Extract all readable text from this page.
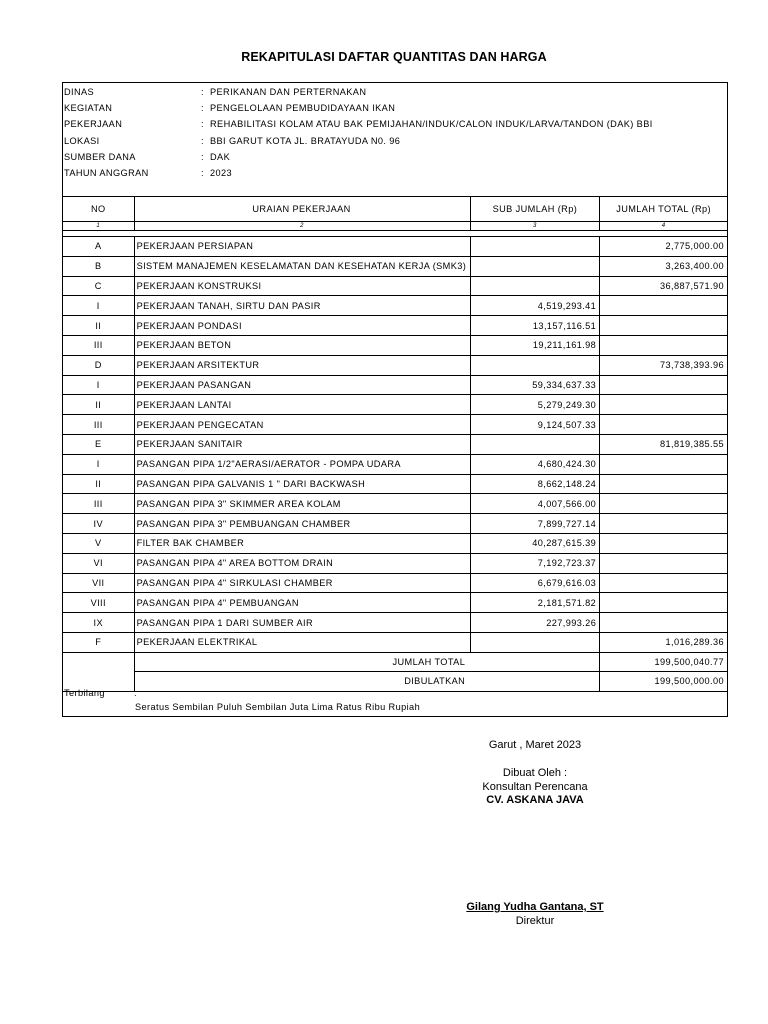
REKAPITULASI DAFTAR QUANTITAS DAN HARGA
DINAS	: PERIKANAN DAN PERTERNAKAN
KEGIATAN	: PENGELOLAAN PEMBUDIDAYAAN IKAN
PEKERJAAN	: REHABILITASI KOLAM ATAU BAK PEMIJAHAN/INDUK/CALON INDUK/LARVA/TANDON (DAK) BBI
LOKASI	: BBI GARUT KOTA JL. BRATAYUDA N0. 96
SUMBER DANA	: DAK
TAHUN ANGGRAN	: 2023
NO	URAIAN PEKERJAAN	SUB JUMLAH (Rp)	JUMLAH TOTAL (Rp)
1	2	3	4

A	PEKERJAAN PERSIAPAN		2,775,000.00
B	SISTEM MANAJEMEN KESELAMATAN DAN KESEHATAN KERJA (SMK3)		3,263,400.00
C	PEKERJAAN KONSTRUKSI		36,887,571.90
I	PEKERJAAN TANAH, SIRTU DAN PASIR	4,519,293.41	
II	PEKERJAAN PONDASI	13,157,116.51	
III	PEKERJAAN BETON	19,211,161.98	
D	PEKERJAAN ARSITEKTUR		73,738,393.96
I	PEKERJAAN PASANGAN	59,334,637.33	
II	PEKERJAAN LANTAI	5,279,249.30	
III	PEKERJAAN PENGECATAN	9,124,507.33	
E	PEKERJAAN SANITAIR		81,819,385.55
I	PASANGAN PIPA 1/2"AERASI/AERATOR - POMPA UDARA	4,680,424.30	
II	PASANGAN PIPA GALVANIS 1 " DARI BACKWASH	8,662,148.24	
III	PASANGAN PIPA 3" SKIMMER AREA KOLAM	4,007,566.00	
IV	PASANGAN PIPA 3" PEMBUANGAN CHAMBER	7,899,727.14	
V	FILTER BAK CHAMBER	40,287,615.39	
VI	PASANGAN PIPA 4" AREA BOTTOM DRAIN	7,192,723.37	
VII	PASANGAN PIPA 4" SIRKULASI CHAMBER	6,679,616.03	
VIII	PASANGAN PIPA 4" PEMBUANGAN	2,181,571.82	
IX	PASANGAN PIPA 1 DARI SUMBER AIR	227,993.26	
F	PEKERJAAN ELEKTRIKAL		1,016,289.36
	JUMLAH TOTAL		199,500,040.77
	DIBULATKAN		199,500,000.00
Terbilang	:
Seratus Sembilan Puluh Sembilan Juta Lima Ratus Ribu Rupiah
Garut , Maret 2023
Dibuat Oleh :
Konsultan Perencana
CV. ASKANA JAVA
Gilang Yudha Gantana, ST
Direktur
